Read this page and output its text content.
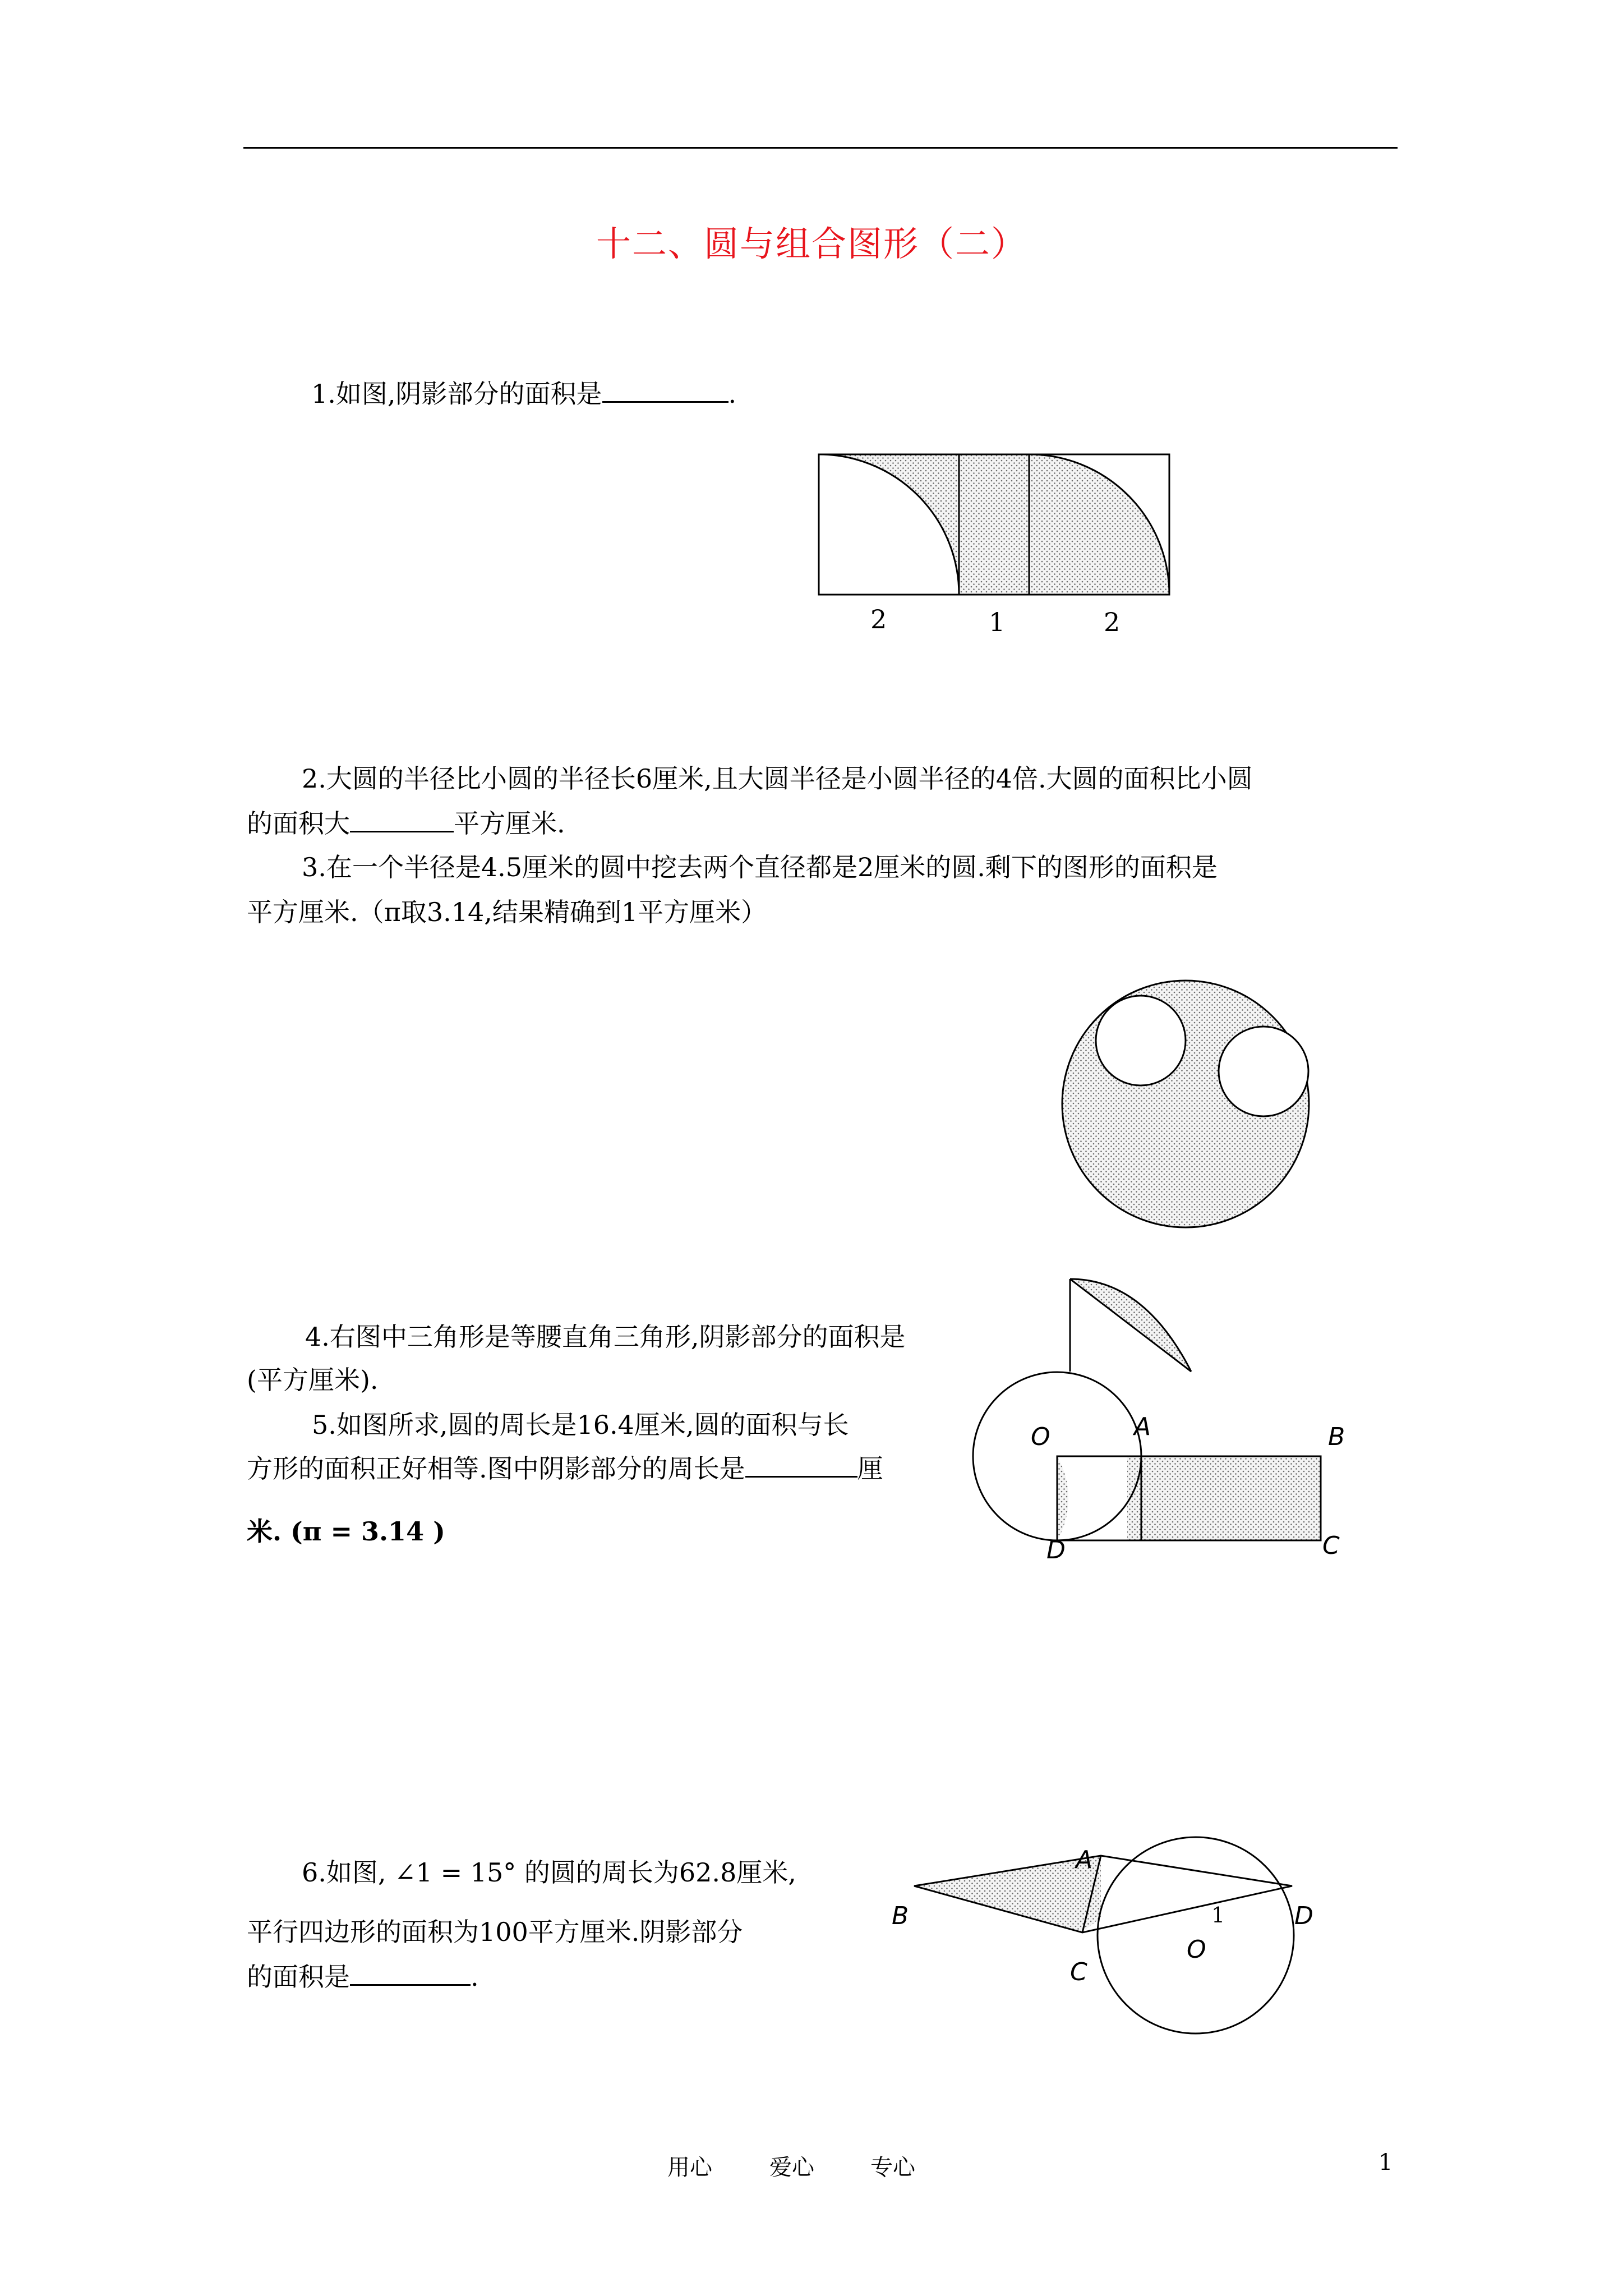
十二、圆与组合图形（二）
1.如图,阴影部分的面积是	.
2	1	2
2.大圆的半径比小圆的半径长6厘米,且大圆半径是小圆半径的4倍.大圆的面积比小圆
的面积大	平方厘米.
3.在一个半径是4.5厘米的圆中挖去两个直径都是2厘米的圆.剩下的图形的面积是
平方厘米.（π取3.14,结果精确到1平方厘米）
4.右图中三角形是等腰直角三角形,阴影部分的面积是
(平方厘米).
5.如图所求,圆的周长是16.4厘米,圆的面积与长
方形的面积正好相等.图中阴影部分的周长是	厘
米. (π = 3.14 )
O	A	B
C
D
6.如图, ∠1 = 15° 的圆的周长为62.8厘米,
平行四边形的面积为100平方厘米.阴影部分
的面积是	.
A
B
C
D
O
1
用心	爱心	专心	1
